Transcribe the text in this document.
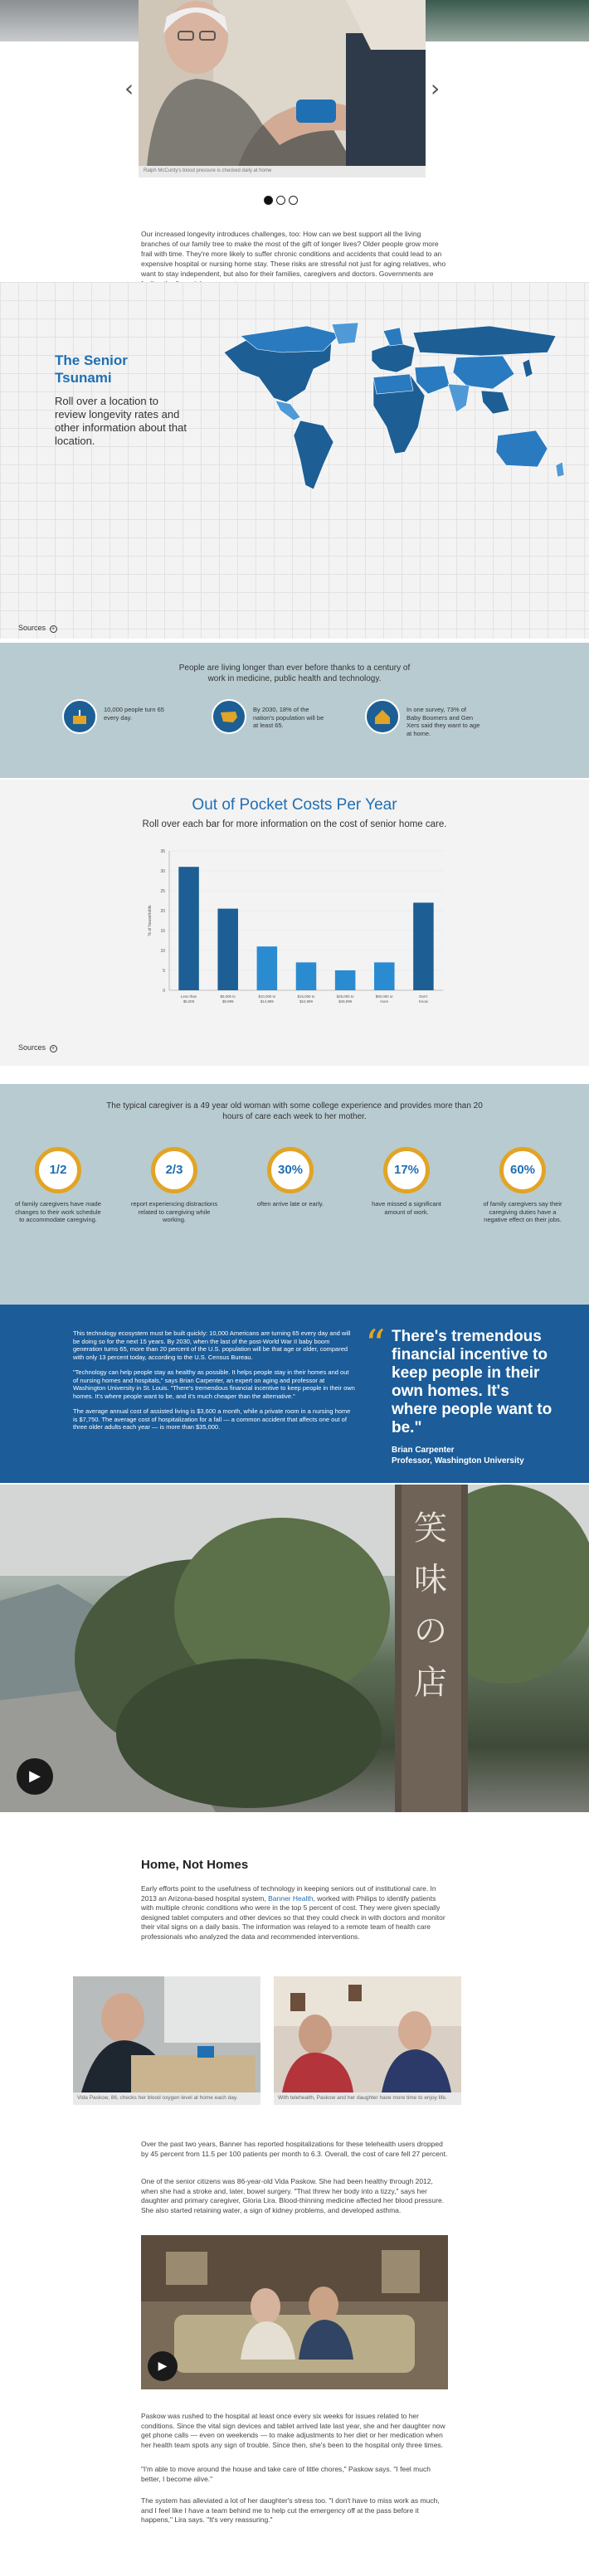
Ralph McCurdy's blood pressure is checked daily at home
‹	›

Our increased longevity introduces challenges, too: How can we best support all the living branches of our family tree to make the most of the gift of longer lives? Older people grow more frail with time. They're more likely to suffer chronic conditions and accidents that could lead to an expensive hospital or nursing home stay. These risks are stressful not just for aging relatives, who want to stay independent, but also for their families, caregivers and doctors. Governments are

The Senior
Tsunami
Roll over a location to review longevity rates and other information about that location.
Sources +
People are living longer than ever before thanks to a century of work in medicine, public health and technology.
10,000 people turn 65 every day.
By 2030, 18% of the nation's population will be at least 65.
In one survey, 73% of Baby Boomers and Gen Xers said they want to age at home.
Out of Pocket Costs Per Year
Roll over each bar for more information on the cost of senior home care.
0
5
10
15
20
25
30
35
% of households
Less than
$5,000
$5,000 to
$9,999
$10,000 to
$14,999
$15,000 to
$24,999
$25,000 to
$49,999
$50,000 or
more
Don't
Know
Sources +
The typical caregiver is a 49 year old woman with some college experience and provides more than 20 hours of care each week to her mother.
1/2
of family caregivers have made changes to their work schedule to accommodate caregiving.
2/3
report experiencing distractions related to caregiving while working.
30%
often arrive late or early.
17%
have missed a significant amount of work.
60%
of family caregivers say their caregiving duties have a negative effect on their jobs.

This technology ecosystem must be built quickly: 10,000 Americans are turning 65 every day and will be doing so for the next 15 years. By 2030, when the last of the post-World War II baby boom generation turns 65, more than 20 percent of the U.S. population will be that age or older, compared with only 13 percent today, according to the U.S. Census Bureau.

"Technology can help people stay as healthy as possible. It helps people stay in their homes and out of nursing homes and hospitals," says Brian Carpenter, an expert on aging and professor at Washington University in St. Louis. "There's tremendous financial incentive to keep people in their own homes. It's where people want to be, and it's much cheaper than the alternative."

The average annual cost of assisted living is $3,600 a month, while a private room in a nursing home is $7,750. The average cost of hospitalization for a fall — a common accident that affects one out of three older adults each year — is more than $35,000.

“ There's tremendous financial incentive to keep people in their own homes. It's where people want to be."
Brian Carpenter
Professor, Washington University
笑味の店
▶
Home, Not Homes

Early efforts point to the usefulness of technology in keeping seniors out of institutional care. In 2013 an Arizona-based hospital system, Banner Health, worked with Philips to identify patients with multiple chronic conditions who were in the top 5 percent of cost. They were given specially designed tablet computers and other devices so that they could check in with doctors and monitor their vital signs on a daily basis. The information was relayed to a remote team of health care professionals who analyzed the data and recommended interventions.

Vida Paskow, 86, checks her blood oxygen level at home each day.	With telehealth, Paskow and her daughter have more time to enjoy life.

Over the past two years, Banner has reported hospitalizations for these telehealth users dropped by 45 percent from 11.5 per 100 patients per month to 6.3. Overall, the cost of care fell 27 percent.

One of the senior citizens was 86-year-old Vida Paskow. She had been healthy through 2012, when she had a stroke and, later, bowel surgery. "That threw her body into a tizzy," says her daughter and primary caregiver, Gloria Lira. Blood-thinning medicine affected her blood pressure. She also started retaining water, a sign of kidney problems, and developed asthma.

▶

Paskow was rushed to the hospital at least once every six weeks for issues related to her conditions. Since the vital sign devices and tablet arrived late last year, she and her daughter now get phone calls — even on weekends — to make adjustments to her diet or her medication when her health team spots any sign of trouble. Since then, she's been to the hospital only three times.

"I'm able to move around the house and take care of little chores," Paskow says. "I feel much better, I become alive."

The system has alleviated a lot of her daughter's stress too. "I don't have to miss work as much, and I feel like I have a team behind me to help cut the emergency off at the pass before it happens," Lira says. "It's very reassuring."
